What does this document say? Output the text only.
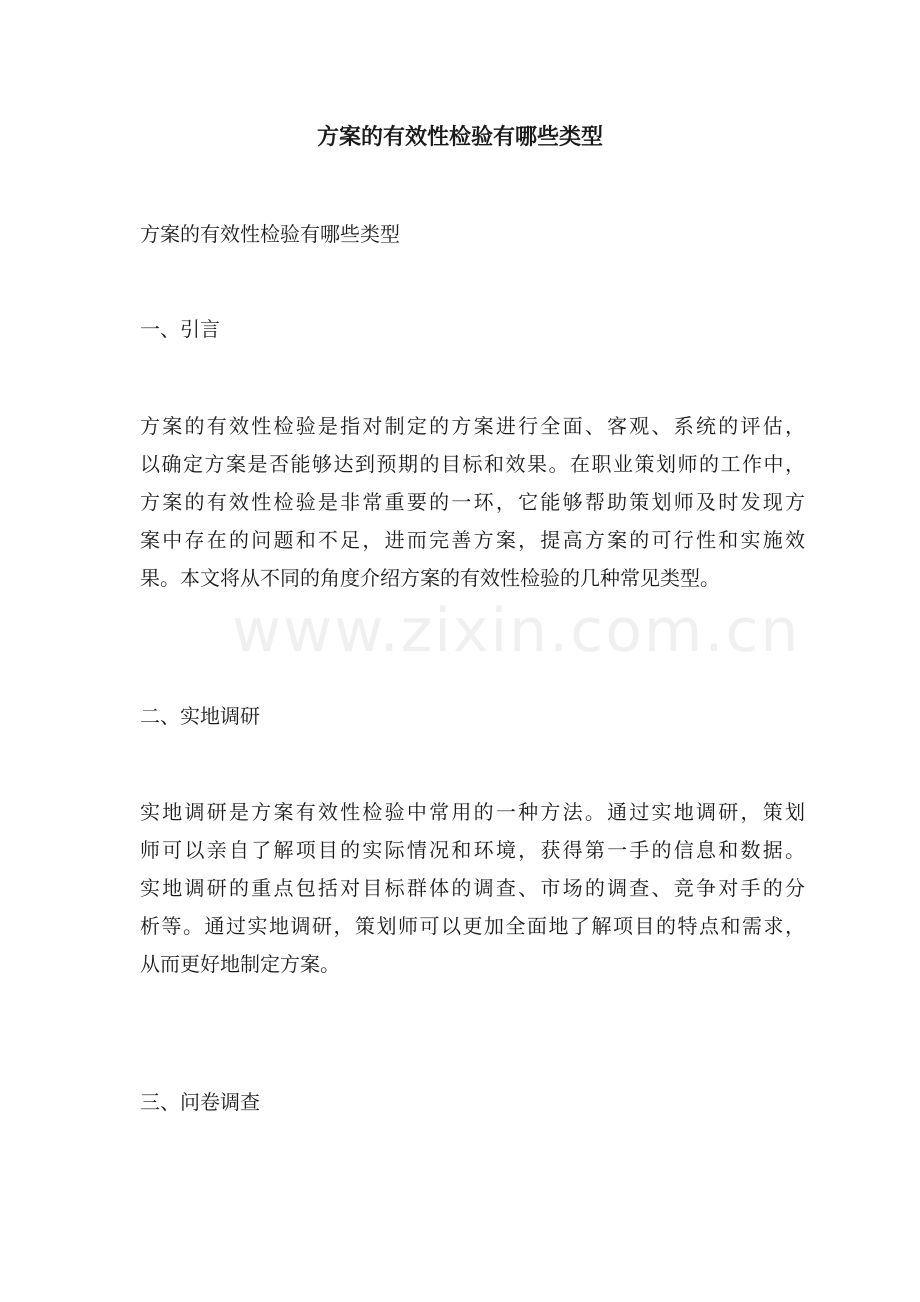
方案的有效性检验有哪些类型
方案的有效性检验有哪些类型
一、引言
方案的有效性检验是指对制定的方案进行全面、客观、系统的评估，
以确定方案是否能够达到预期的目标和效果。在职业策划师的工作中，
方案的有效性检验是非常重要的一环，它能够帮助策划师及时发现方
案中存在的问题和不足，进而完善方案，提高方案的可行性和实施效
果。本文将从不同的角度介绍方案的有效性检验的几种常见类型。
二、实地调研
实地调研是方案有效性检验中常用的一种方法。通过实地调研，策划
师可以亲自了解项目的实际情况和环境，获得第一手的信息和数据。
实地调研的重点包括对目标群体的调查、市场的调查、竞争对手的分
析等。通过实地调研，策划师可以更加全面地了解项目的特点和需求，
从而更好地制定方案。
三、问卷调查
www.zixin.com.cn
